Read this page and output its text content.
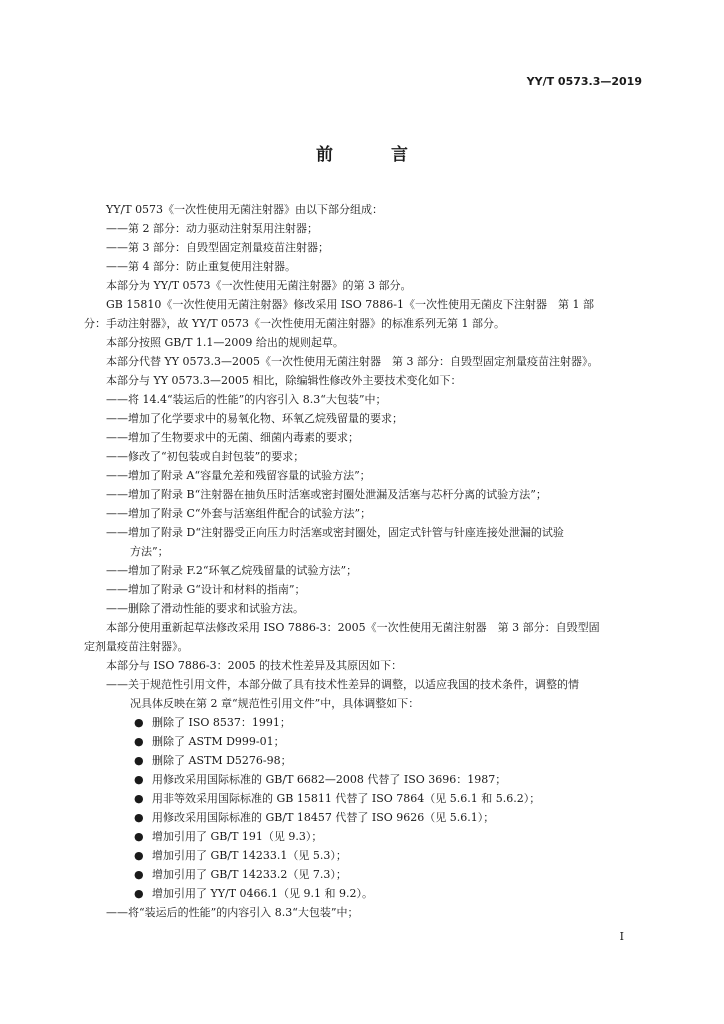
YY/T 0573.3—2019
前 言

YY/T 0573《一次性使用无菌注射器》由以下部分组成：

——第 2 部分：动力驱动注射泵用注射器；

——第 3 部分：自毁型固定剂量疫苗注射器；

——第 4 部分：防止重复使用注射器。

本部分为 YY/T 0573《一次性使用无菌注射器》的第 3 部分。

GB 15810《一次性使用无菌注射器》修改采用 ISO 7886-1《一次性使用无菌皮下注射器　第 1 部

分：手动注射器》，故 YY/T 0573《一次性使用无菌注射器》的标准系列无第 1 部分。

本部分按照 GB/T 1.1—2009 给出的规则起草。

本部分代替 YY 0573.3—2005《一次性使用无菌注射器　第 3 部分：自毁型固定剂量疫苗注射器》。

本部分与 YY 0573.3—2005 相比，除编辑性修改外主要技术变化如下：

——将 14.4“装运后的性能”的内容引入 8.3“大包装”中；

——增加了化学要求中的易氧化物、环氧乙烷残留量的要求；

——增加了生物要求中的无菌、细菌内毒素的要求；

——修改了“初包装或自封包装”的要求；

——增加了附录 A“容量允差和残留容量的试验方法”；

——增加了附录 B“注射器在抽负压时活塞或密封圈处泄漏及活塞与芯杆分离的试验方法”；

——增加了附录 C“外套与活塞组件配合的试验方法”；

——增加了附录 D“注射器受正向压力时活塞或密封圈处，固定式针管与针座连接处泄漏的试验

方法”；

——增加了附录 F.2“环氧乙烷残留量的试验方法”；

——增加了附录 G“设计和材料的指南”；

——删除了滑动性能的要求和试验方法。

本部分使用重新起草法修改采用 ISO 7886-3：2005《一次性使用无菌注射器　第 3 部分：自毁型固

定剂量疫苗注射器》。

本部分与 ISO 7886-3：2005 的技术性差异及其原因如下：

——关于规范性引用文件，本部分做了具有技术性差异的调整，以适应我国的技术条件，调整的情

况具体反映在第 2 章“规范性引用文件”中，具体调整如下：

● 删除了 ISO 8537：1991；

● 删除了 ASTM D999-01；

● 删除了 ASTM D5276-98；

● 用修改采用国际标准的 GB/T 6682—2008 代替了 ISO 3696：1987；

● 用非等效采用国际标准的 GB 15811 代替了 ISO 7864（见 5.6.1 和 5.6.2）；

● 用修改采用国际标准的 GB/T 18457 代替了 ISO 9626（见 5.6.1）；

● 增加引用了 GB/T 191（见 9.3）；

● 增加引用了 GB/T 14233.1（见 5.3）；

● 增加引用了 GB/T 14233.2（见 7.3）；

● 增加引用了 YY/T 0466.1（见 9.1 和 9.2）。

——将“装运后的性能”的内容引入 8.3“大包装”中；

I
